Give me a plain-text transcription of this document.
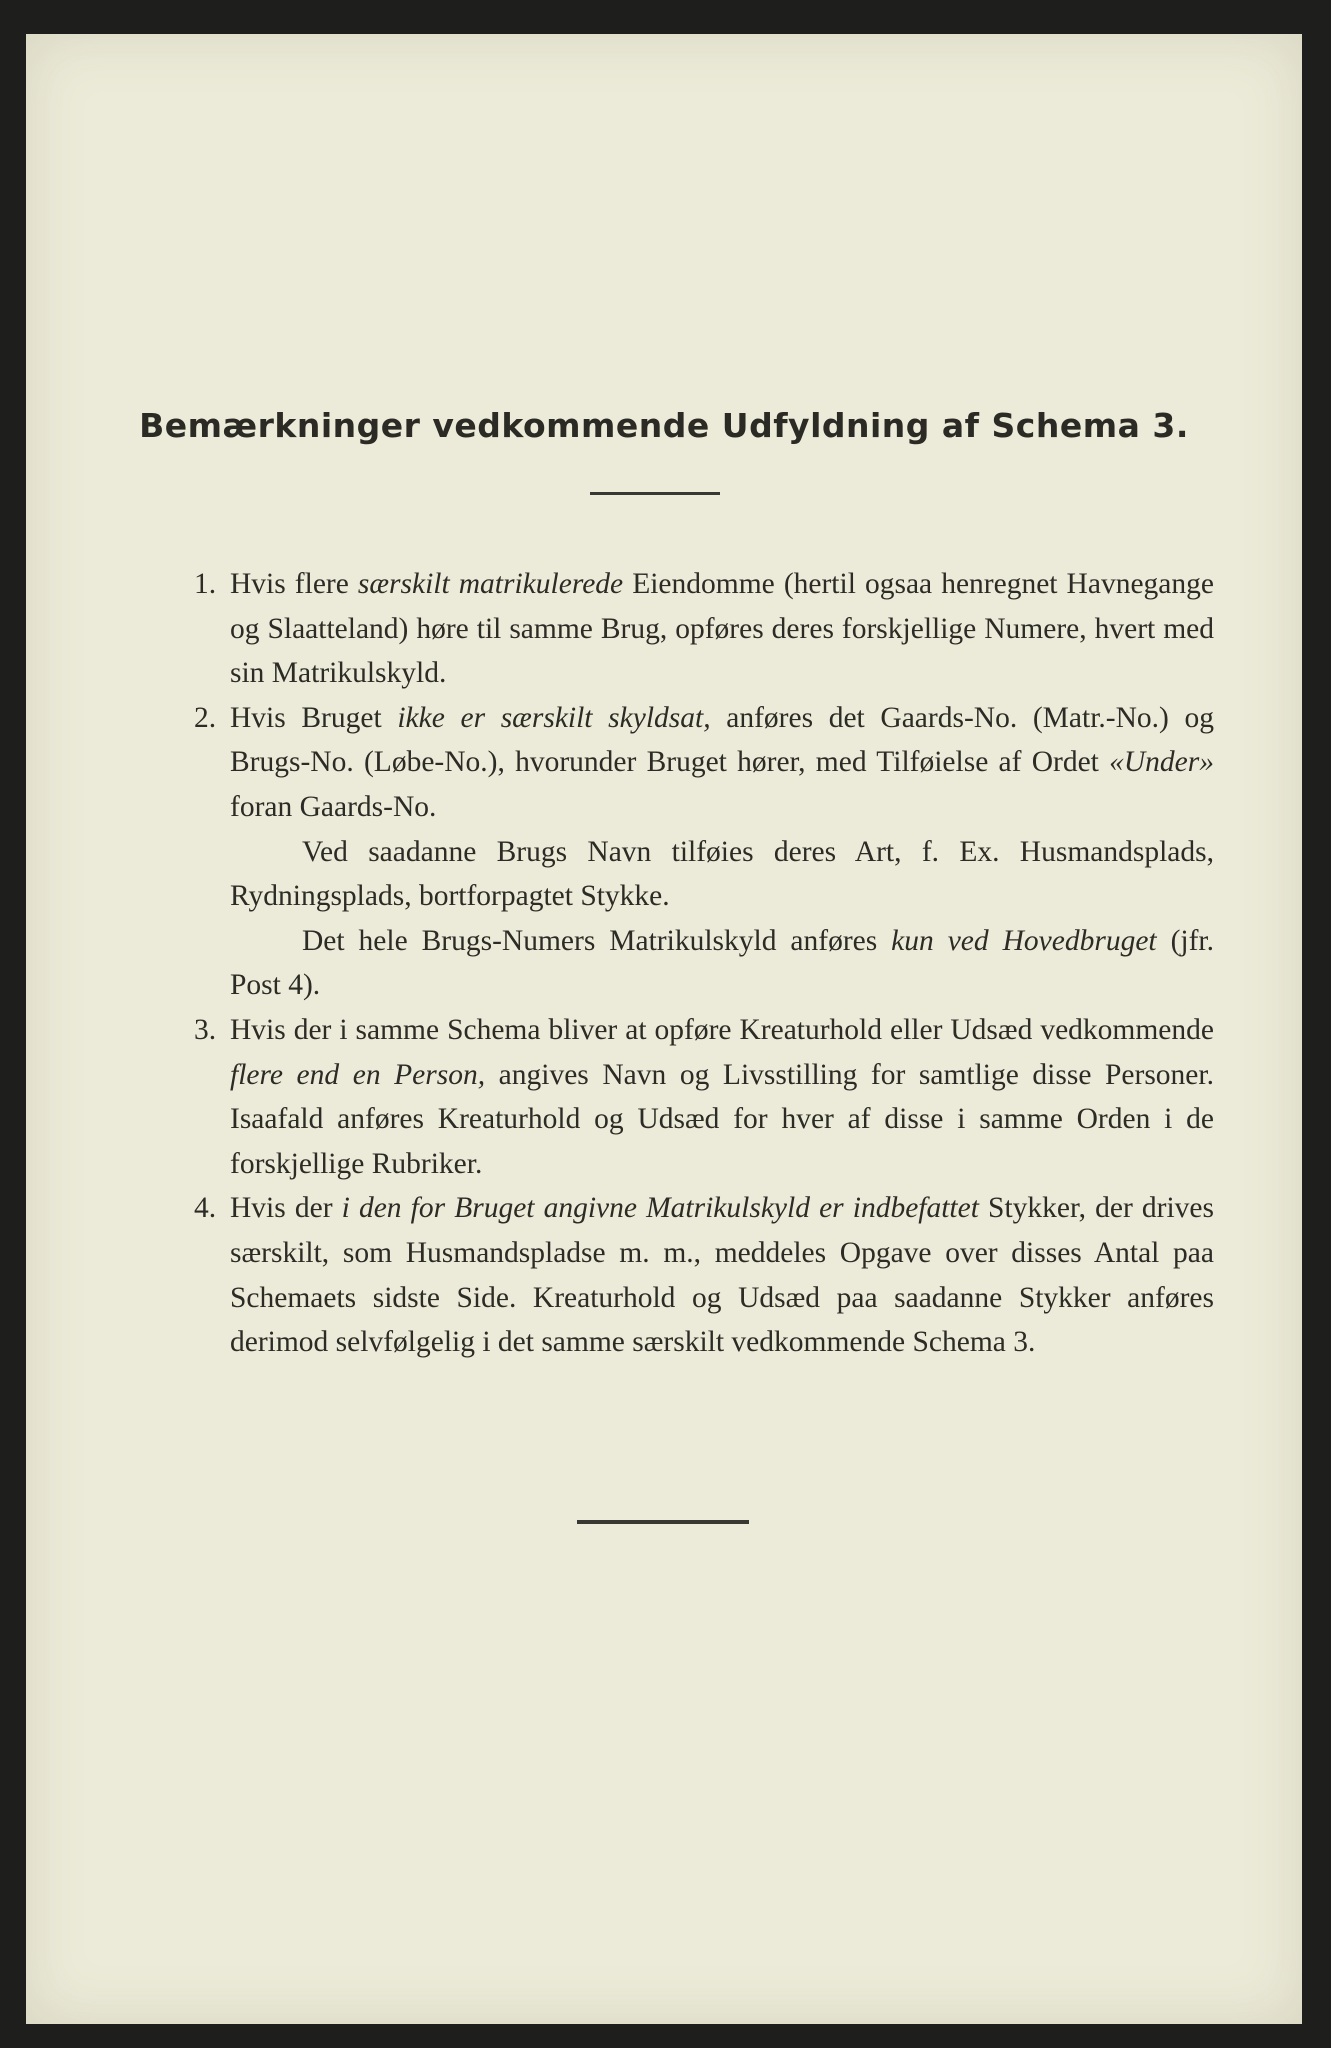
Bemærkninger vedkommende Udfyldning af Schema 3.
1. Hvis flere særskilt matrikulerede Eiendomme (hertil ogsaa henregnet Havnegange og Slaatteland) høre til samme Brug, opføres deres forskjellige Numere, hvert med sin Matrikulskyld.

2. Hvis Bruget ikke er særskilt skyldsat, anføres det Gaards-No. (Matr.-No.) og Brugs-No. (Løbe-No.), hvorunder Bruget hører, med Tilføielse af Ordet «Under» foran Gaards-No.

Ved saadanne Brugs Navn tilføies deres Art, f. Ex. Husmandsplads, Rydningsplads, bortforpagtet Stykke.

Det hele Brugs-Numers Matrikulskyld anføres kun ved Hovedbruget (jfr. Post 4).

3. Hvis der i samme Schema bliver at opføre Kreaturhold eller Udsæd vedkommende flere end en Person, angives Navn og Livsstilling for samtlige disse Personer. Isaafald anføres Kreaturhold og Udsæd for hver af disse i samme Orden i de forskjellige Rubriker.

4. Hvis der i den for Bruget angivne Matrikulskyld er indbefattet Stykker, der drives særskilt, som Husmandspladse m. m., meddeles Opgave over disses Antal paa Schemaets sidste Side. Kreaturhold og Udsæd paa saadanne Stykker anføres derimod selvfølgelig i det samme særskilt vedkommende Schema 3.
